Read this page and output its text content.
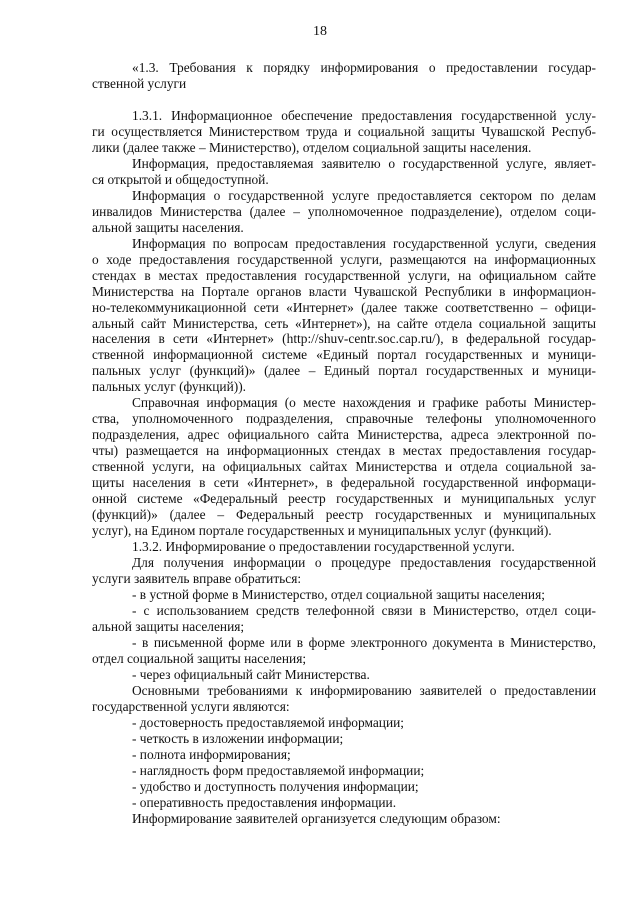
18
«1.3. Требования к порядку информирования о предоставлении государ-
ственной услуги
1.3.1. Информационное обеспечение предоставления государственной услу-
ги осуществляется Министерством труда и социальной защиты Чувашской Респуб-
лики (далее также – Министерство), отделом социальной защиты населения.
Информация, предоставляемая заявителю о государственной услуге, являет-
ся открытой и общедоступной.
Информация о государственной услуге предоставляется сектором по делам
инвалидов Министерства (далее – уполномоченное подразделение), отделом соци-
альной защиты населения.
Информация по вопросам предоставления государственной услуги, сведения
о ходе предоставления государственной услуги, размещаются на информационных
стендах в местах предоставления государственной услуги, на официальном сайте
Министерства на Портале органов власти Чувашской Республики в информацион-
но-телекоммуникационной сети «Интернет» (далее также соответственно – офици-
альный сайт Министерства, сеть «Интернет»), на сайте отдела социальной защиты
населения в сети «Интернет» (http://shuv-centr.soc.cap.ru/), в федеральной государ-
ственной информационной системе «Единый портал государственных и муници-
пальных услуг (функций)» (далее – Единый портал государственных и муници-
пальных услуг (функций)).
Справочная информация (о месте нахождения и графике работы Министер-
ства, уполномоченного подразделения, справочные телефоны уполномоченного
подразделения, адрес официального сайта Министерства, адреса электронной по-
чты) размещается на информационных стендах в местах предоставления государ-
ственной услуги, на официальных сайтах Министерства и отдела социальной за-
щиты населения в сети «Интернет», в федеральной государственной информаци-
онной системе «Федеральный реестр государственных и муниципальных услуг
(функций)» (далее – Федеральный реестр государственных и муниципальных
услуг), на Едином портале государственных и муниципальных услуг (функций).
1.3.2. Информирование о предоставлении государственной услуги.
Для получения информации о процедуре предоставления государственной
услуги заявитель вправе обратиться:
- в устной форме в Министерство, отдел социальной защиты населения;
- с использованием средств телефонной связи в Министерство, отдел соци-
альной защиты населения;
- в письменной форме или в форме электронного документа в Министерство,
отдел социальной защиты населения;
- через официальный сайт Министерства.
Основными требованиями к информированию заявителей о предоставлении
государственной услуги являются:
- достоверность предоставляемой информации;
- четкость в изложении информации;
- полнота информирования;
- наглядность форм предоставляемой информации;
- удобство и доступность получения информации;
- оперативность предоставления информации.
Информирование заявителей организуется следующим образом:
